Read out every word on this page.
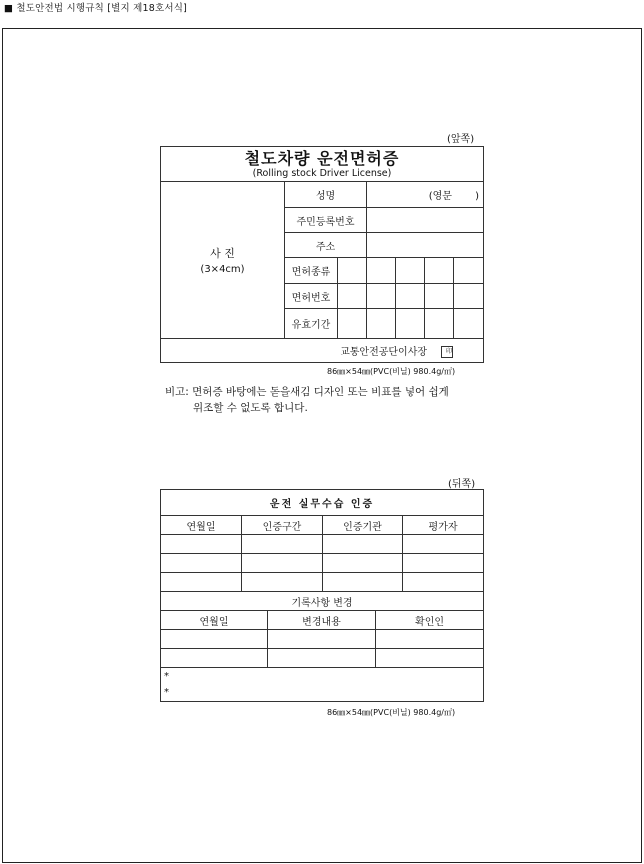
■ 철도안전법 시행규칙 [별지 제18호서식]
(앞쪽)
철도차량 운전면허증
(Rolling stock Driver License)						

사 진
(3×4cm)	성명		(영문　　 )			
	주민등록번호					
	주소					
	면허종류					
	면허번호					
	유효기간					
교통안전공단이사장 印						
86㎜×54㎜(PVC(비닐) 980.4g/㎡)
비고: 면허증 바탕에는 돋을새김 디자인 또는 비표를 넣어 쉽게
위조할 수 없도록 합니다.
(뒤쪽)
운전 실무수습 인증					
연월일	인증구간		인증기관		평가자

기록사항 변경					
연월일		변경내용		확인인	

*
*					
86㎜×54㎜(PVC(비닐) 980.4g/㎡)
